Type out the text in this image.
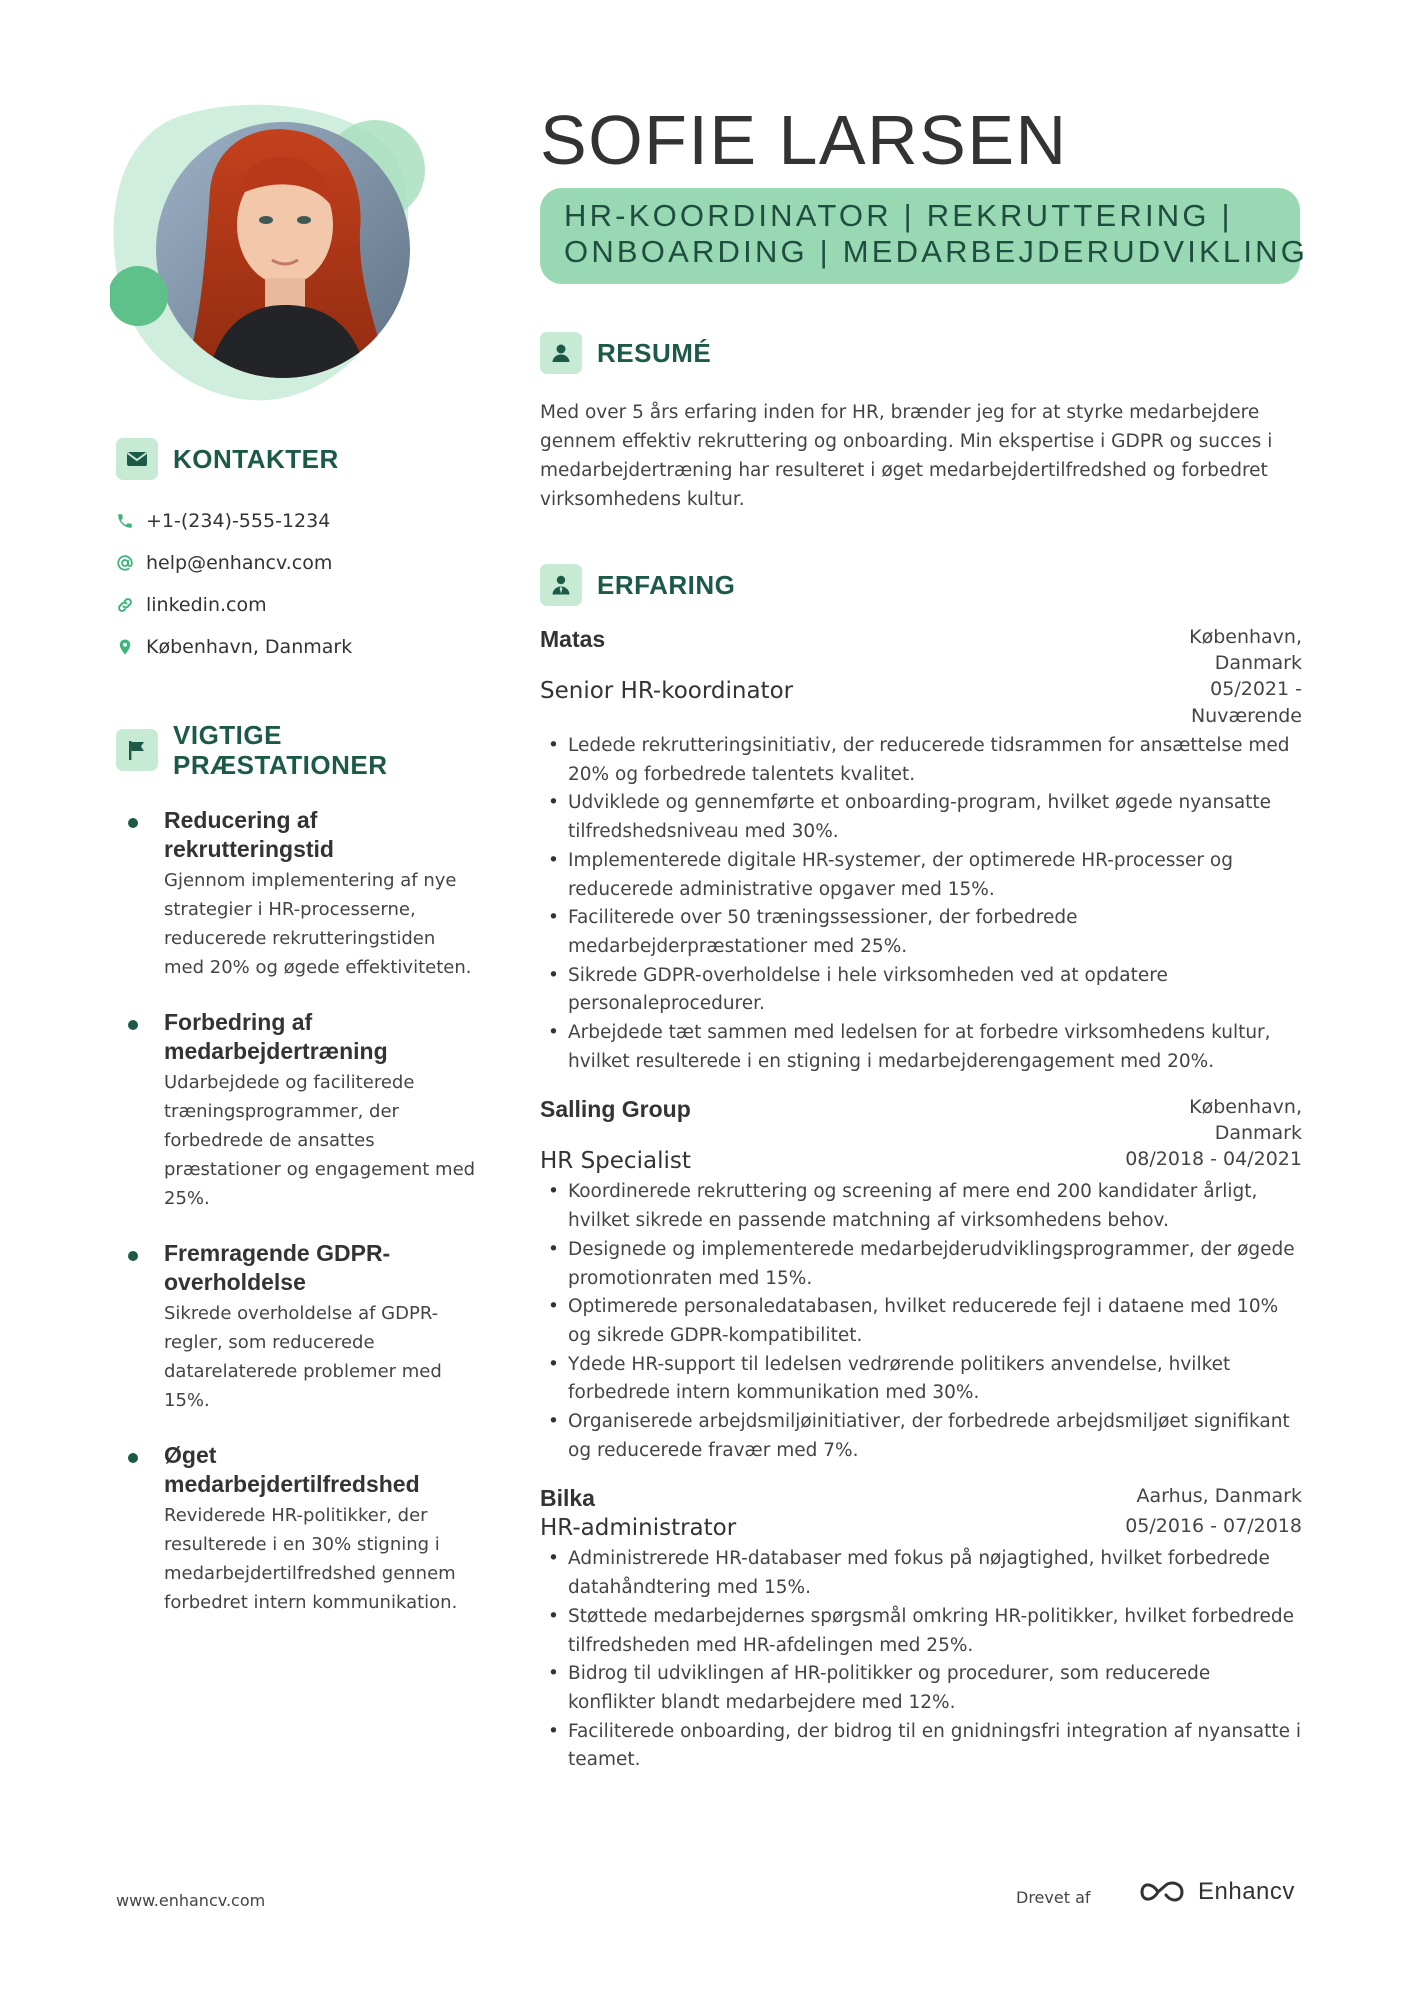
SOFIE LARSEN
HR-KOORDINATOR | REKRUTTERING |
ONBOARDING | MEDARBEJDERUDVIKLING
KONTAKTER
+1-(234)-555-1234
help@enhancv.com
linkedin.com
København, Danmark
VIGTIGE PRÆSTATIONER
Reducering af rekrutteringstid
Gjennom implementering af nye strategier i HR-processerne, reducerede rekrutteringstiden med 20% og øgede effektiviteten.
Forbedring af medarbejdertræning
Udarbejdede og faciliterede træningsprogrammer, der forbedrede de ansattes præstationer og engagement med 25%.
Fremragende GDPR-overholdelse
Sikrede overholdelse af GDPR-regler, som reducerede datarelaterede problemer med 15%.
Øget medarbejdertilfredshed
Reviderede HR-politikker, der resulterede i en 30% stigning i medarbejdertilfredshed gennem forbedret intern kommunikation.
RESUMÉ
Med over 5 års erfaring inden for HR, brænder jeg for at styrke medarbejdere gennem effektiv rekruttering og onboarding. Min ekspertise i GDPR og succes i medarbejdertræning har resulteret i øget medarbejdertilfredshed og forbedret virksomhedens kultur.
ERFARING
Matas	København, Danmark
Senior HR-koordinator	05/2021 - Nuværende
• Ledede rekrutteringsinitiativ, der reducerede tidsrammen for ansættelse med 20% og forbedrede talentets kvalitet.
• Udviklede og gennemførte et onboarding-program, hvilket øgede nyansatte tilfredshedsniveau med 30%.
• Implementerede digitale HR-systemer, der optimerede HR-processer og reducerede administrative opgaver med 15%.
• Faciliterede over 50 træningssessioner, der forbedrede medarbejderpræstationer med 25%.
• Sikrede GDPR-overholdelse i hele virksomheden ved at opdatere personaleprocedurer.
• Arbejdede tæt sammen med ledelsen for at forbedre virksomhedens kultur, hvilket resulterede i en stigning i medarbejderengagement med 20%.
Salling Group	København, Danmark
HR Specialist	08/2018 - 04/2021
• Koordinerede rekruttering og screening af mere end 200 kandidater årligt, hvilket sikrede en passende matchning af virksomhedens behov.
• Designede og implementerede medarbejderudviklingsprogrammer, der øgede promotionraten med 15%.
• Optimerede personaledatabasen, hvilket reducerede fejl i dataene med 10% og sikrede GDPR-kompatibilitet.
• Ydede HR-support til ledelsen vedrørende politikers anvendelse, hvilket forbedrede intern kommunikation med 30%.
• Organiserede arbejdsmiljøinitiativer, der forbedrede arbejdsmiljøet signifikant og reducerede fravær med 7%.
Bilka	Aarhus, Danmark
HR-administrator	05/2016 - 07/2018
• Administrerede HR-databaser med fokus på nøjagtighed, hvilket forbedrede datahåndtering med 15%.
• Støttede medarbejdernes spørgsmål omkring HR-politikker, hvilket forbedrede tilfredsheden med HR-afdelingen med 25%.
• Bidrog til udviklingen af HR-politikker og procedurer, som reducerede konflikter blandt medarbejdere med 12%.
• Faciliterede onboarding, der bidrog til en gnidningsfri integration af nyansatte i teamet.
www.enhancv.com	Drevet af	Enhancv
